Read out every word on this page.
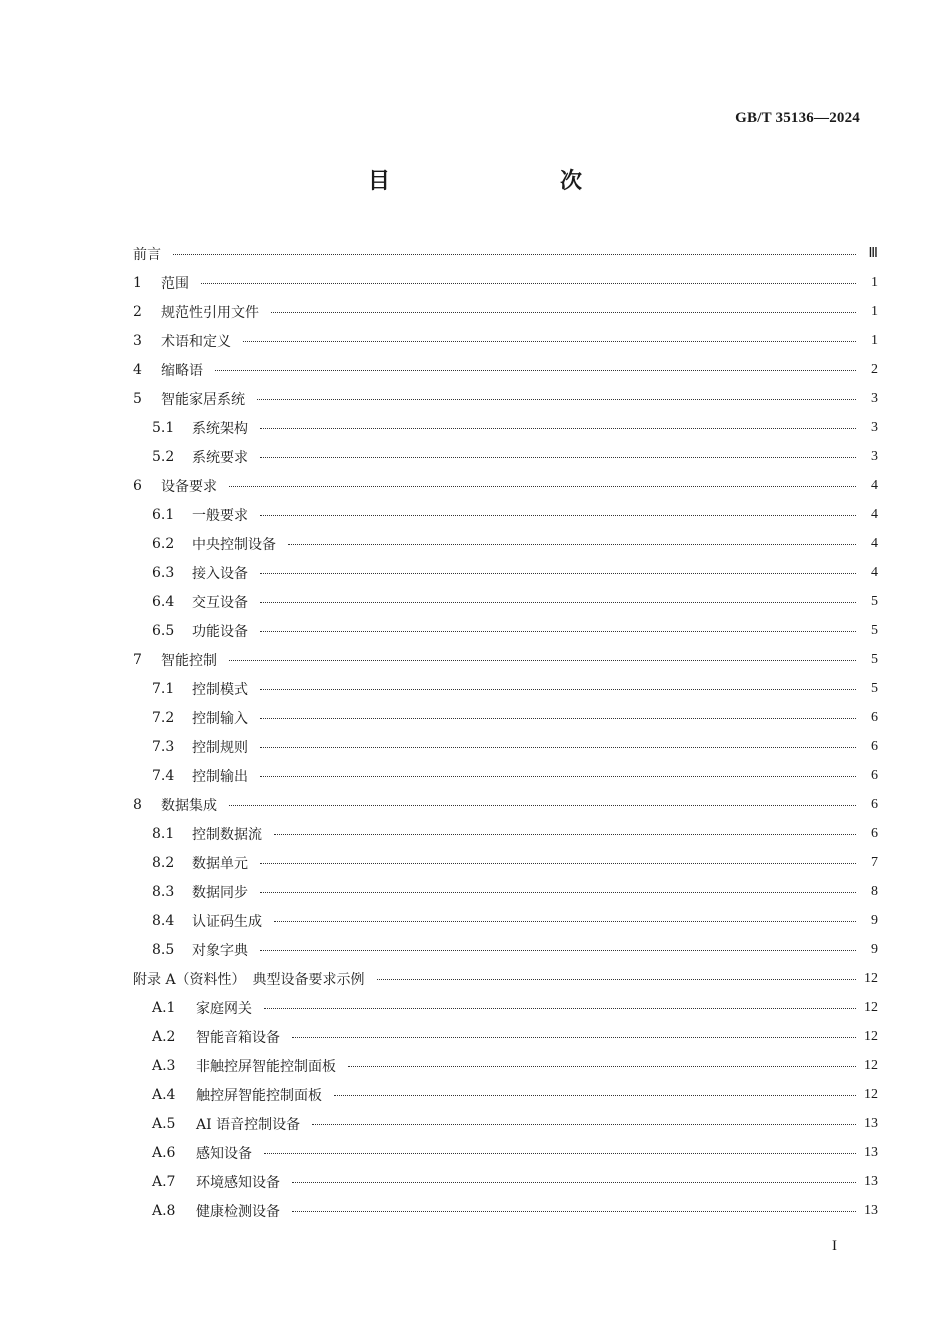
GB/T 35136—2024
目　　次
前言	Ⅲ
1	范围	1
2	规范性引用文件	1
3	术语和定义	1
4	缩略语	2
5	智能家居系统	3
5.1	系统架构	3
5.2	系统要求	3
6	设备要求	4
6.1	一般要求	4
6.2	中央控制设备	4
6.3	接入设备	4
6.4	交互设备	5
6.5	功能设备	5
7	智能控制	5
7.1	控制模式	5
7.2	控制输入	6
7.3	控制规则	6
7.4	控制输出	6
8	数据集成	6
8.1	控制数据流	6
8.2	数据单元	7
8.3	数据同步	8
8.4	认证码生成	9
8.5	对象字典	9
附录 A（资料性）　典型设备要求示例	12
A.1	家庭网关	12
A.2	智能音箱设备	12
A.3	非触控屏智能控制面板	12
A.4	触控屏智能控制面板	12
A.5	AI 语音控制设备	13
A.6	感知设备	13
A.7	环境感知设备	13
A.8	健康检测设备	13
I
